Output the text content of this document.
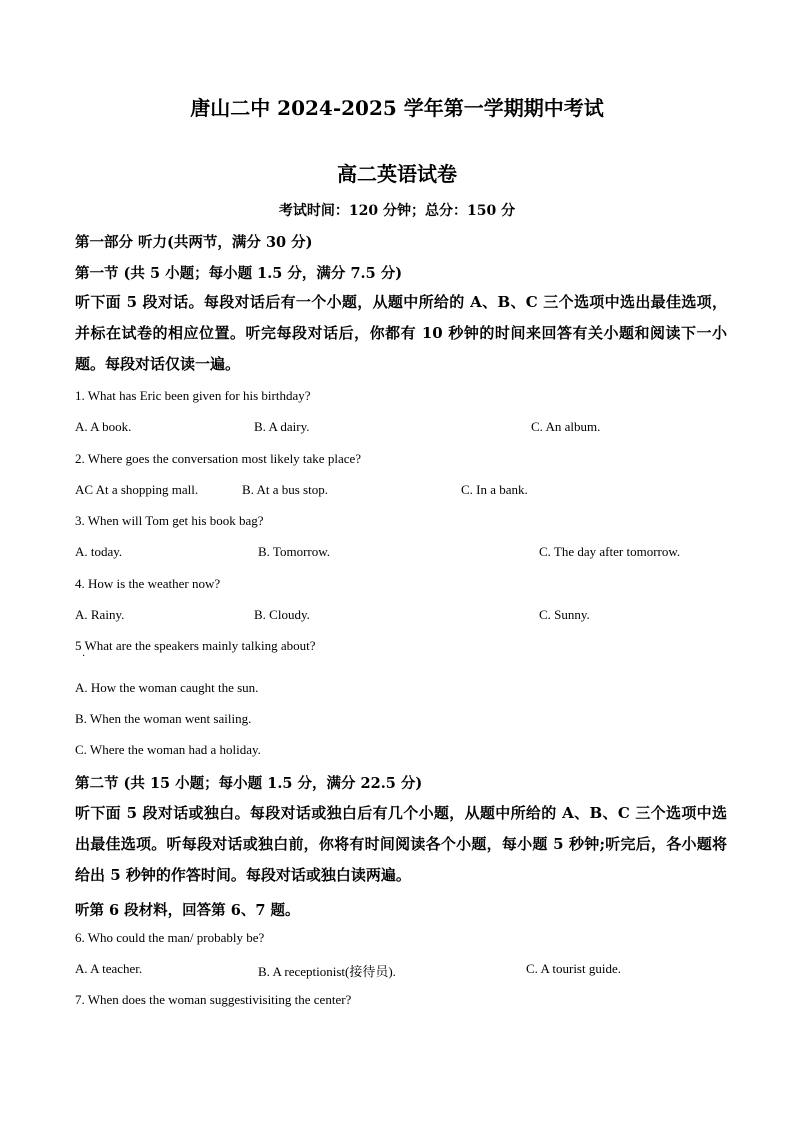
唐山二中 2024-2025 学年第一学期期中考试
高二英语试卷
考试时间：120 分钟；总分：150 分
第一部分 听力(共两节，满分 30 分)
第一节 (共 5 小题；每小题 1.5 分，满分 7.5 分)
听下面 5 段对话。每段对话后有一个小题，从题中所给的 A、B、C 三个选项中选出最佳选项，并标在试卷的相应位置。听完每段对话后，你都有 10 秒钟的时间来回答有关小题和阅读下一小题。每段对话仅读一遍。
1. What has Eric been given for his birthday?
A. A book.	B. A dairy.	C. An album.
2. Where goes the conversation most likely take place?
AC At a shopping mall.	B. At a bus stop.	C. In a bank.
3. When will Tom get his book bag?
A. today.	B. Tomorrow.	C. The day after tomorrow.
4. How is the weather now?
A. Rainy.	B. Cloudy.	C. Sunny.
5 What are the speakers mainly talking about?
·
A. How the woman caught the sun.
B. When the woman went sailing.
C. Where the woman had a holiday.
第二节 (共 15 小题；每小题 1.5 分，满分 22.5 分)
听下面 5 段对话或独白。每段对话或独白后有几个小题，从题中所给的 A、B、C 三个选项中选出最佳选项。听每段对话或独白前，你将有时间阅读各个小题，每小题 5 秒钟;听完后，各小题将给出 5 秒钟的作答时间。每段对话或独白读两遍。
听第 6 段材料，回答第 6、7 题。
6. Who could the man/ probably be?
A. A teacher.	B. A receptionist(接待员).	C. A tourist guide.
7. When does the woman suggestivisiting the center?
